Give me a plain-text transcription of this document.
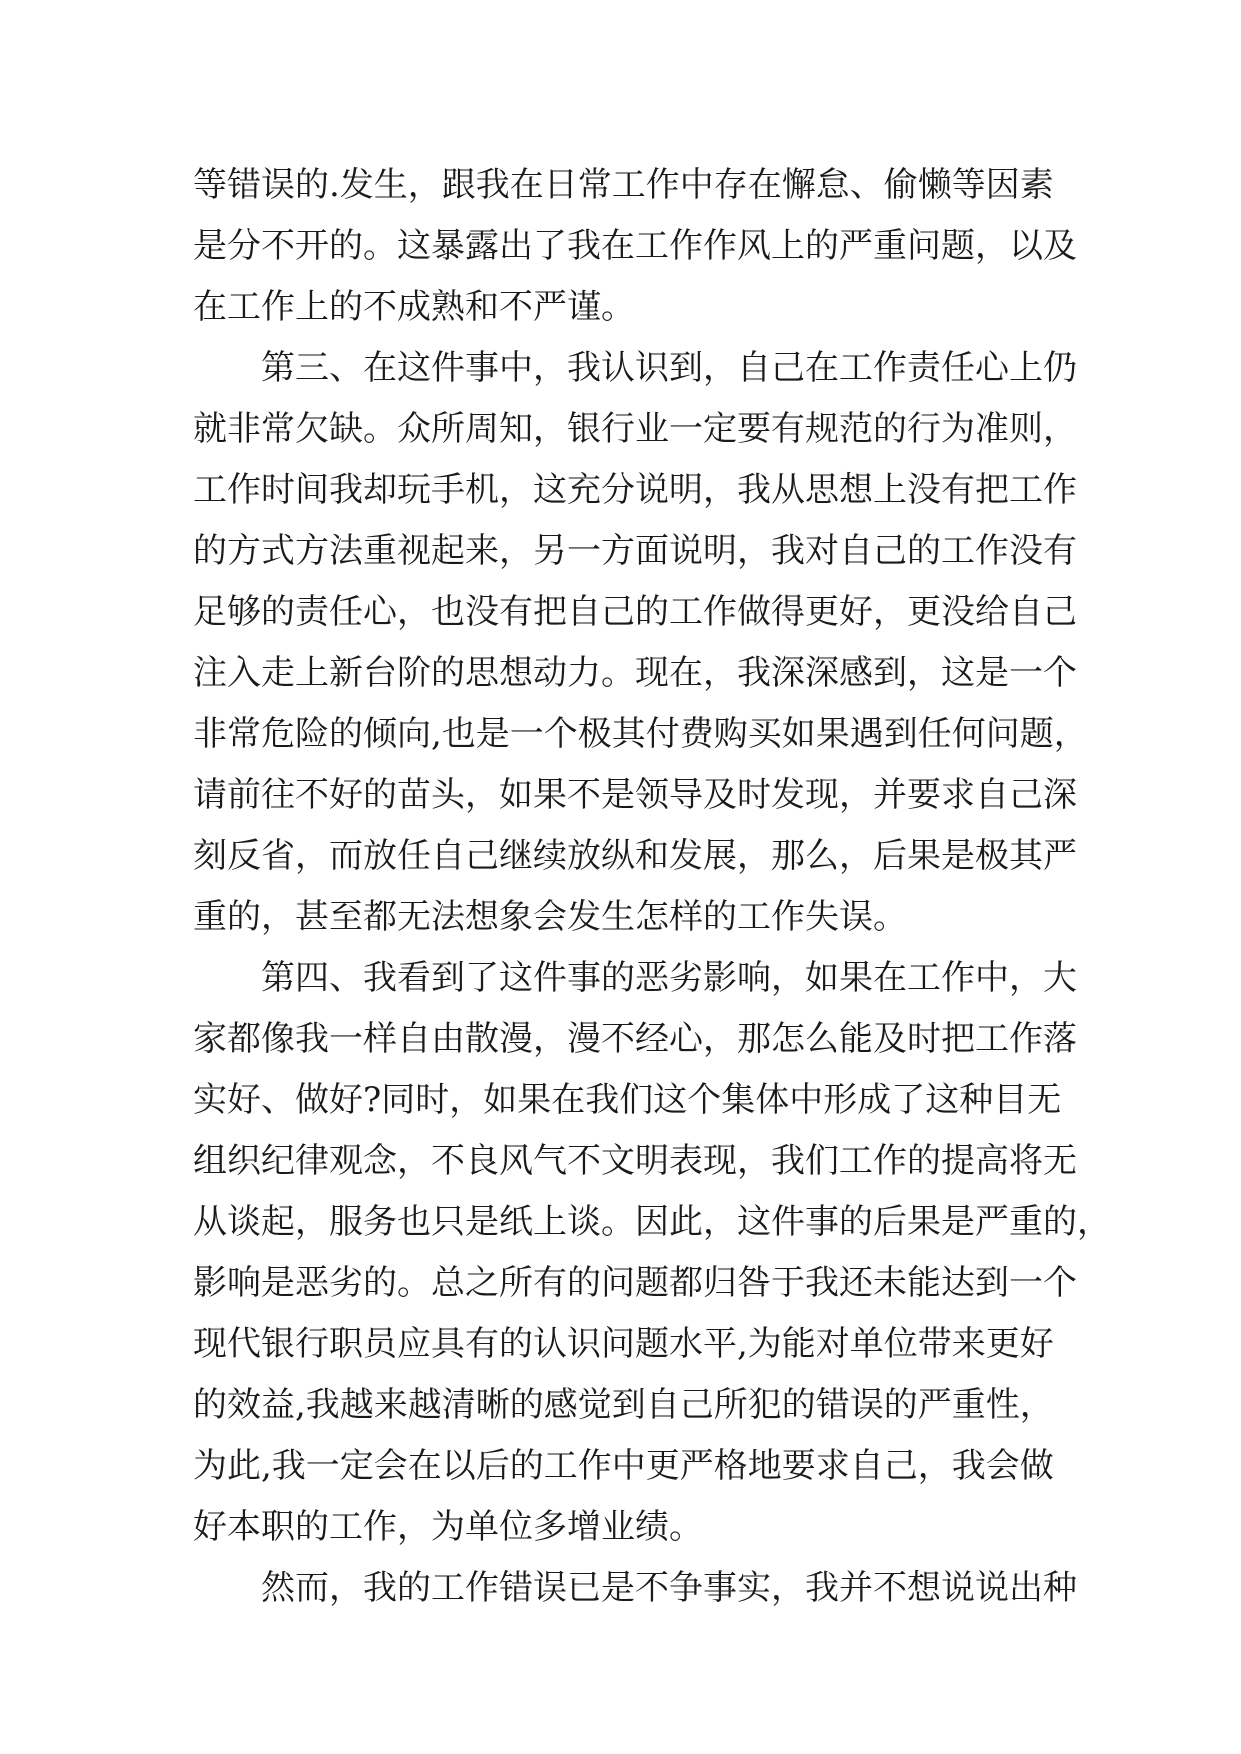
等错误的.发生，跟我在日常工作中存在懈怠、偷懒等因素
是分不开的。这暴露出了我在工作作风上的严重问题，以及
在工作上的不成熟和不严谨。
第三、在这件事中，我认识到，自己在工作责任心上仍
就非常欠缺。众所周知，银行业一定要有规范的行为准则，
工作时间我却玩手机，这充分说明，我从思想上没有把工作
的方式方法重视起来，另一方面说明，我对自己的工作没有
足够的责任心，也没有把自己的工作做得更好，更没给自己
注入走上新台阶的思想动力。现在，我深深感到，这是一个
非常危险的倾向,也是一个极其付费购买如果遇到任何问题，
请前往不好的苗头，如果不是领导及时发现，并要求自己深
刻反省，而放任自己继续放纵和发展，那么，后果是极其严
重的，甚至都无法想象会发生怎样的工作失误。
第四、我看到了这件事的恶劣影响，如果在工作中，大
家都像我一样自由散漫，漫不经心，那怎么能及时把工作落
实好、做好?同时，如果在我们这个集体中形成了这种目无
组织纪律观念，不良风气不文明表现，我们工作的提高将无
从谈起，服务也只是纸上谈。因此，这件事的后果是严重的，
影响是恶劣的。总之所有的问题都归咎于我还未能达到一个
现代银行职员应具有的认识问题水平,为能对单位带来更好
的效益,我越来越清晰的感觉到自己所犯的错误的严重性，
为此,我一定会在以后的工作中更严格地要求自己，我会做
好本职的工作，为单位多增业绩。
然而，我的工作错误已是不争事实，我并不想说说出种
